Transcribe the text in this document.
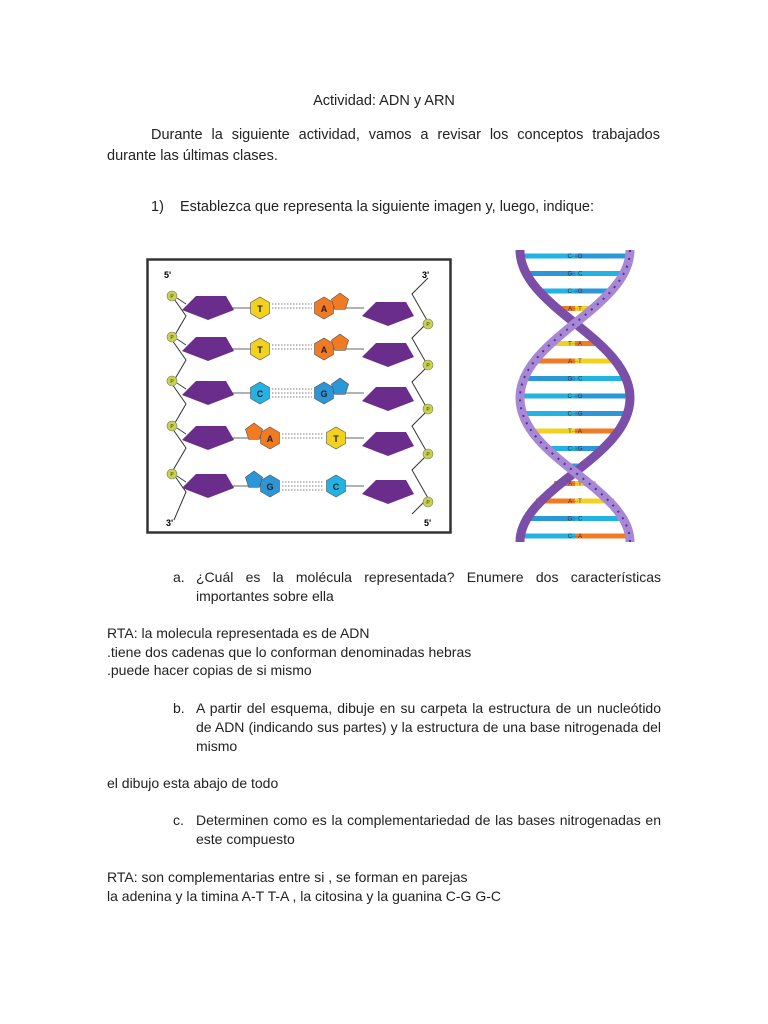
Actividad: ADN y ARN
Durante la siguiente actividad, vamos a revisar los conceptos trabajados durante las últimas clases.
1) Establezca que representa la siguiente imagen y, luego, indique:
P
P
T	A
P
P
T	A
P
P
C	G
P
P
A	T
P
P
G	C
5'	3'
3'	5'
C···G
G···C
C···G
A···T
A···T
T···A
A···T
G···C
C···G
C···G
T···A
C···G
G···C
A···T
A···T
G···C
C···A
a. ¿Cuál es la molécula representada? Enumere dos características importantes sobre ella
RTA: la molecula representada es de ADN
.tiene dos cadenas que lo conforman denominadas hebras
.puede hacer copias de si mismo
b. A partir del esquema, dibuje en su carpeta la estructura de un nucleótido de ADN (indicando sus partes) y la estructura de una base nitrogenada del mismo
el dibujo esta abajo de todo
c. Determinen como es la complementariedad de las bases nitrogenadas en este compuesto
RTA: son complementarias entre si , se forman en parejas
la adenina y la timina A-T T-A , la citosina y la guanina C-G G-C
